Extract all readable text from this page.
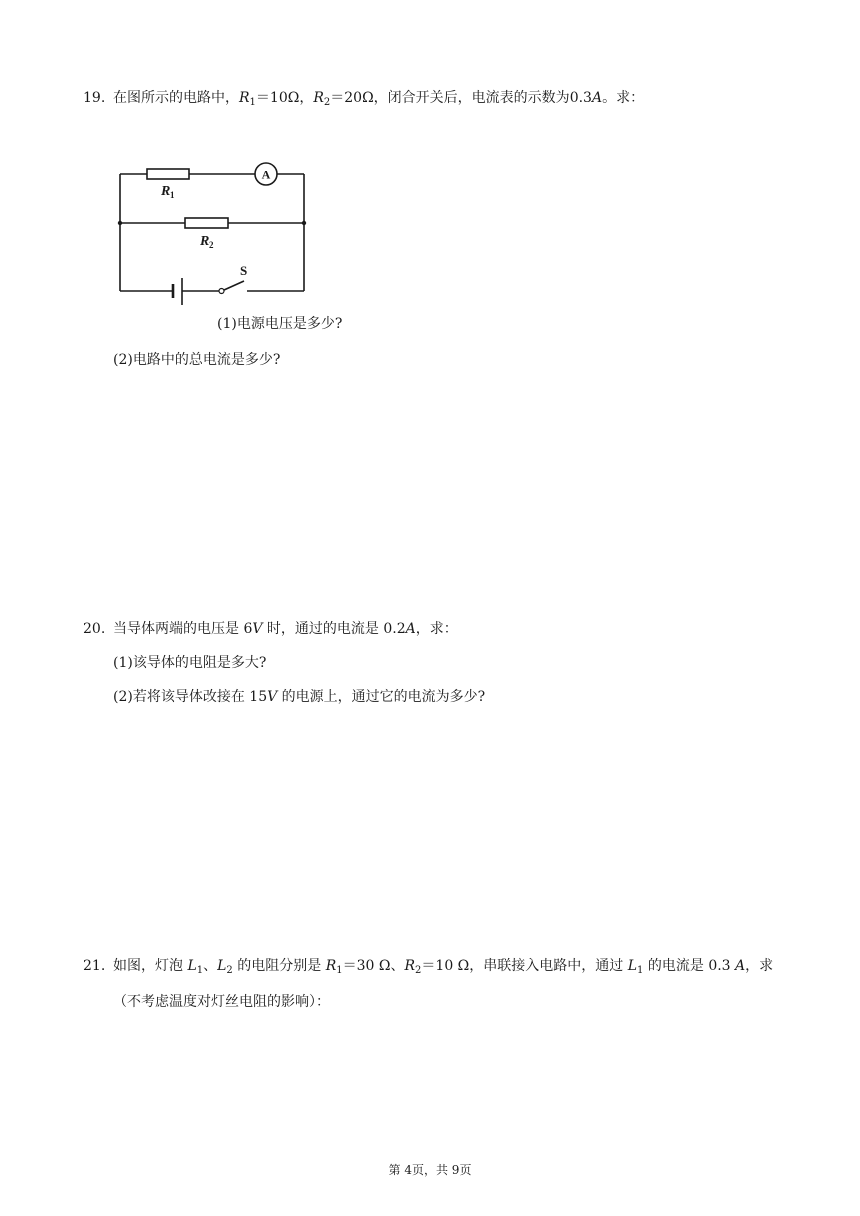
19. 在图所示的电路中，$R_1=10\Omega$，$R_2=20\Omega$，闭合开关后，电流表的示数为0.3A。求：
A
R 1
R 2
S
(1)电源电压是多少?
(2)电路中的总电流是多少?
20. 当导体两端的电压是 6V 时，通过的电流是 0.2A，求：
(1)该导体的电阻是多大?
(2)若将该导体改接在 15V 的电源上，通过它的电流为多少?
21. 如图，灯泡 $L_1$、$L_2$ 的电阻分别是 $R_1=30$ Ω、$R_2=10$ Ω，串联接入电路中，通过 $L_1$ 的电流是 0.3 A，求
（不考虑温度对灯丝电阻的影响）：
第 4页，共 9页
